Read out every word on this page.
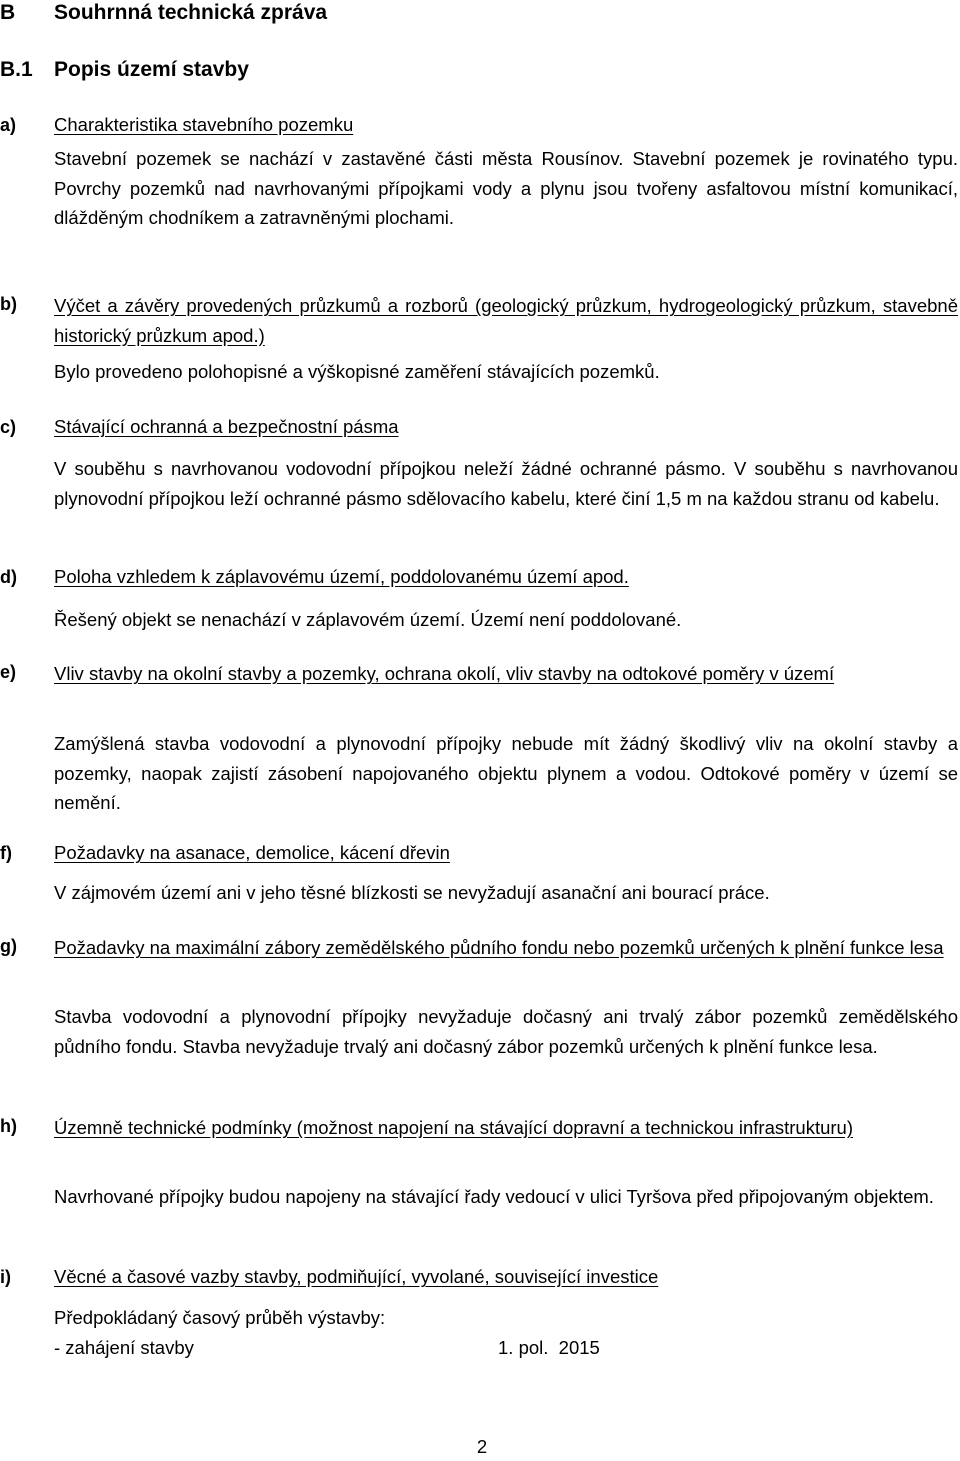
B Souhrnná technická zpráva
B.1 Popis území stavby
a) Charakteristika stavebního pozemku
Stavební pozemek se nachází v zastavěné části města Rousínov. Stavební pozemek je rovinatého typu. Povrchy pozemků nad navrhovanými přípojkami vody a plynu jsou tvořeny asfaltovou místní komunikací, dlážděným chodníkem a zatravněnými plochami.
b) Výčet a závěry provedených průzkumů a rozborů (geologický průzkum, hydrogeologický průzkum, stavebně historický průzkum apod.)
Bylo provedeno polohopisné a výškopisné zaměření stávajících pozemků.
c) Stávající ochranná a bezpečnostní pásma
V souběhu s navrhovanou vodovodní přípojkou neleží žádné ochranné pásmo. V souběhu s navrhovanou plynovodní přípojkou leží ochranné pásmo sdělovacího kabelu, které činí 1,5 m na každou stranu od kabelu.
d) Poloha vzhledem k záplavovému území, poddolovanému území apod.
Řešený objekt se nenachází v záplavovém území. Území není poddolované.
e) Vliv stavby na okolní stavby a pozemky, ochrana okolí, vliv stavby na odtokové poměry v území
Zamýšlená stavba vodovodní a plynovodní přípojky nebude mít žádný škodlivý vliv na okolní stavby a pozemky, naopak zajistí zásobení napojovaného objektu plynem a vodou. Odtokové poměry v území se nemění.
f) Požadavky na asanace, demolice, kácení dřevin
V zájmovém území ani v jeho těsné blízkosti se nevyžadují asanační ani bourací práce.
g) Požadavky na maximální zábory zemědělského půdního fondu nebo pozemků určených k plnění funkce lesa
Stavba vodovodní a plynovodní přípojky nevyžaduje dočasný ani trvalý zábor pozemků zemědělského půdního fondu. Stavba nevyžaduje trvalý ani dočasný zábor pozemků určených k plnění funkce lesa.
h) Územně technické podmínky (možnost napojení na stávající dopravní a technickou infrastrukturu)
Navrhované přípojky budou napojeny na stávající řady vedoucí v ulici Tyršova před připojovaným objektem.
i) Věcné a časové vazby stavby, podmiňující, vyvolané, související investice
Předpokládaný časový průběh výstavby:
- zahájení stavby	1. pol.  2015
2
